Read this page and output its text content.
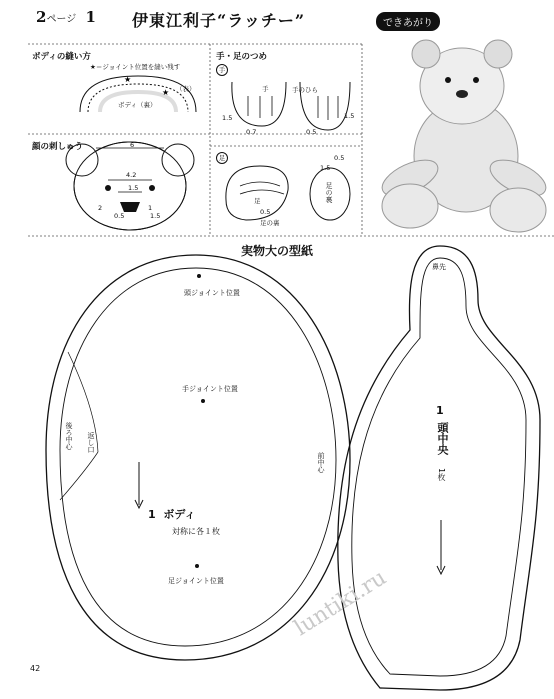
2ページ 1 伊東江利子“ラッチー”	できあがり
★
★
ボディの縫い方
★＝ジョイント位置を縫い残す
ボディ（裏）
（表）
顔の刺しゅう	6
4.2
1.5
2
0.5
1
1.5
手・足のつめ
手
手	手のひら
1.5
0.7
1.5
0.5
足
足
足の裏
足の裏
0.5
1.5
0.5
実物大の型紙
頭ジョイント位置
手ジョイント位置
足ジョイント位置
1 ボディ
対称に各１枚
返し口
後ろ中心
前中心
鼻先
1
頭中央
1枚
42
luntiki.ru
